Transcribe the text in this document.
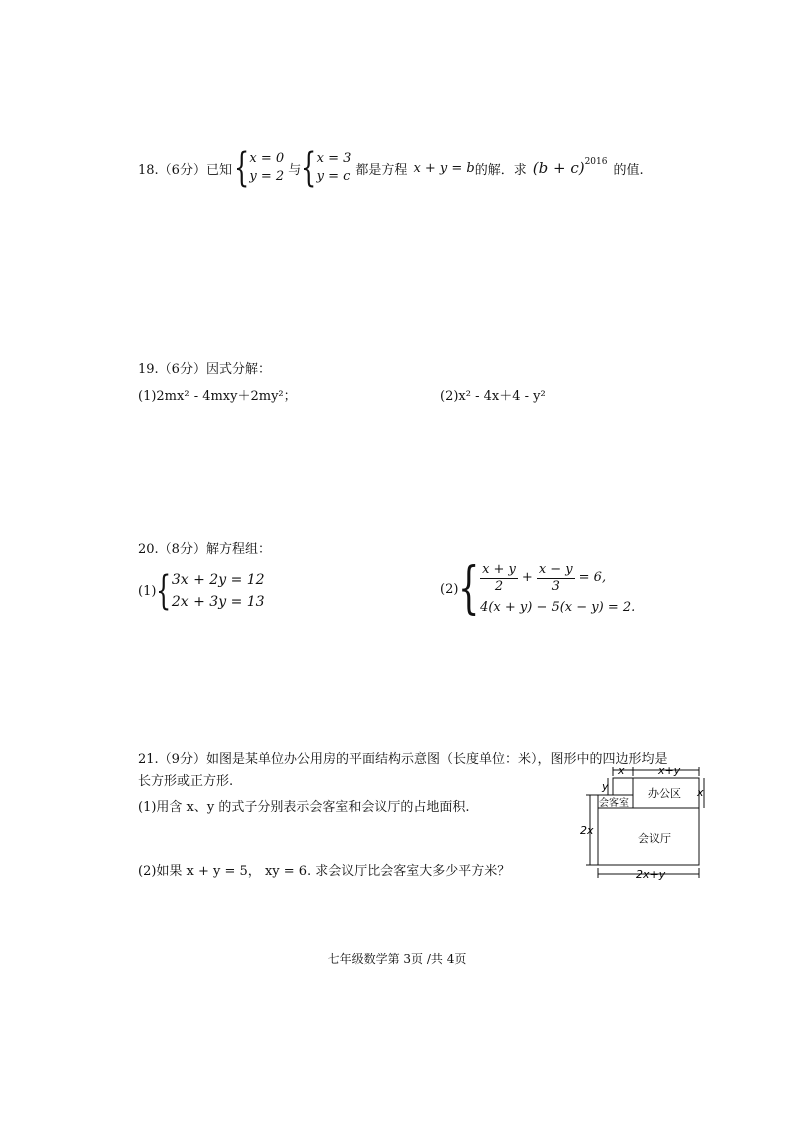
18.（6分）已知 { x = 0
y = 2 与 { x = 3
y = c 都是方程 x + y = b 的解．求 $(b + c)^{2016}$
的值.
19.（6分）因式分解：
(1)2mx² - 4mxy＋2my²；	(2)x² - 4x＋4 - y²
20.（8分）解方程组：
(1) { 3x + 2y = 12
2x + 3y = 13
(2) { $\frac{x + y}{2} + \frac{x - y}{3} = 6$,
4(x + y) − 5(x − y) = 2.
21.（9分）如图是某单位办公用房的平面结构示意图（长度单位：米），图形中的四边形均是
长方形或正方形.
(1)用含 x、y 的式子分别表示会客室和会议厅的占地面积.
(2)如果 x + y = 5， xy = 6. 求会议厅比会客室大多少平方米？
x	x+y
办公区 x
y
会客室
2x
会议厅
2x+y
七年级数学第 3页 /共 4页
